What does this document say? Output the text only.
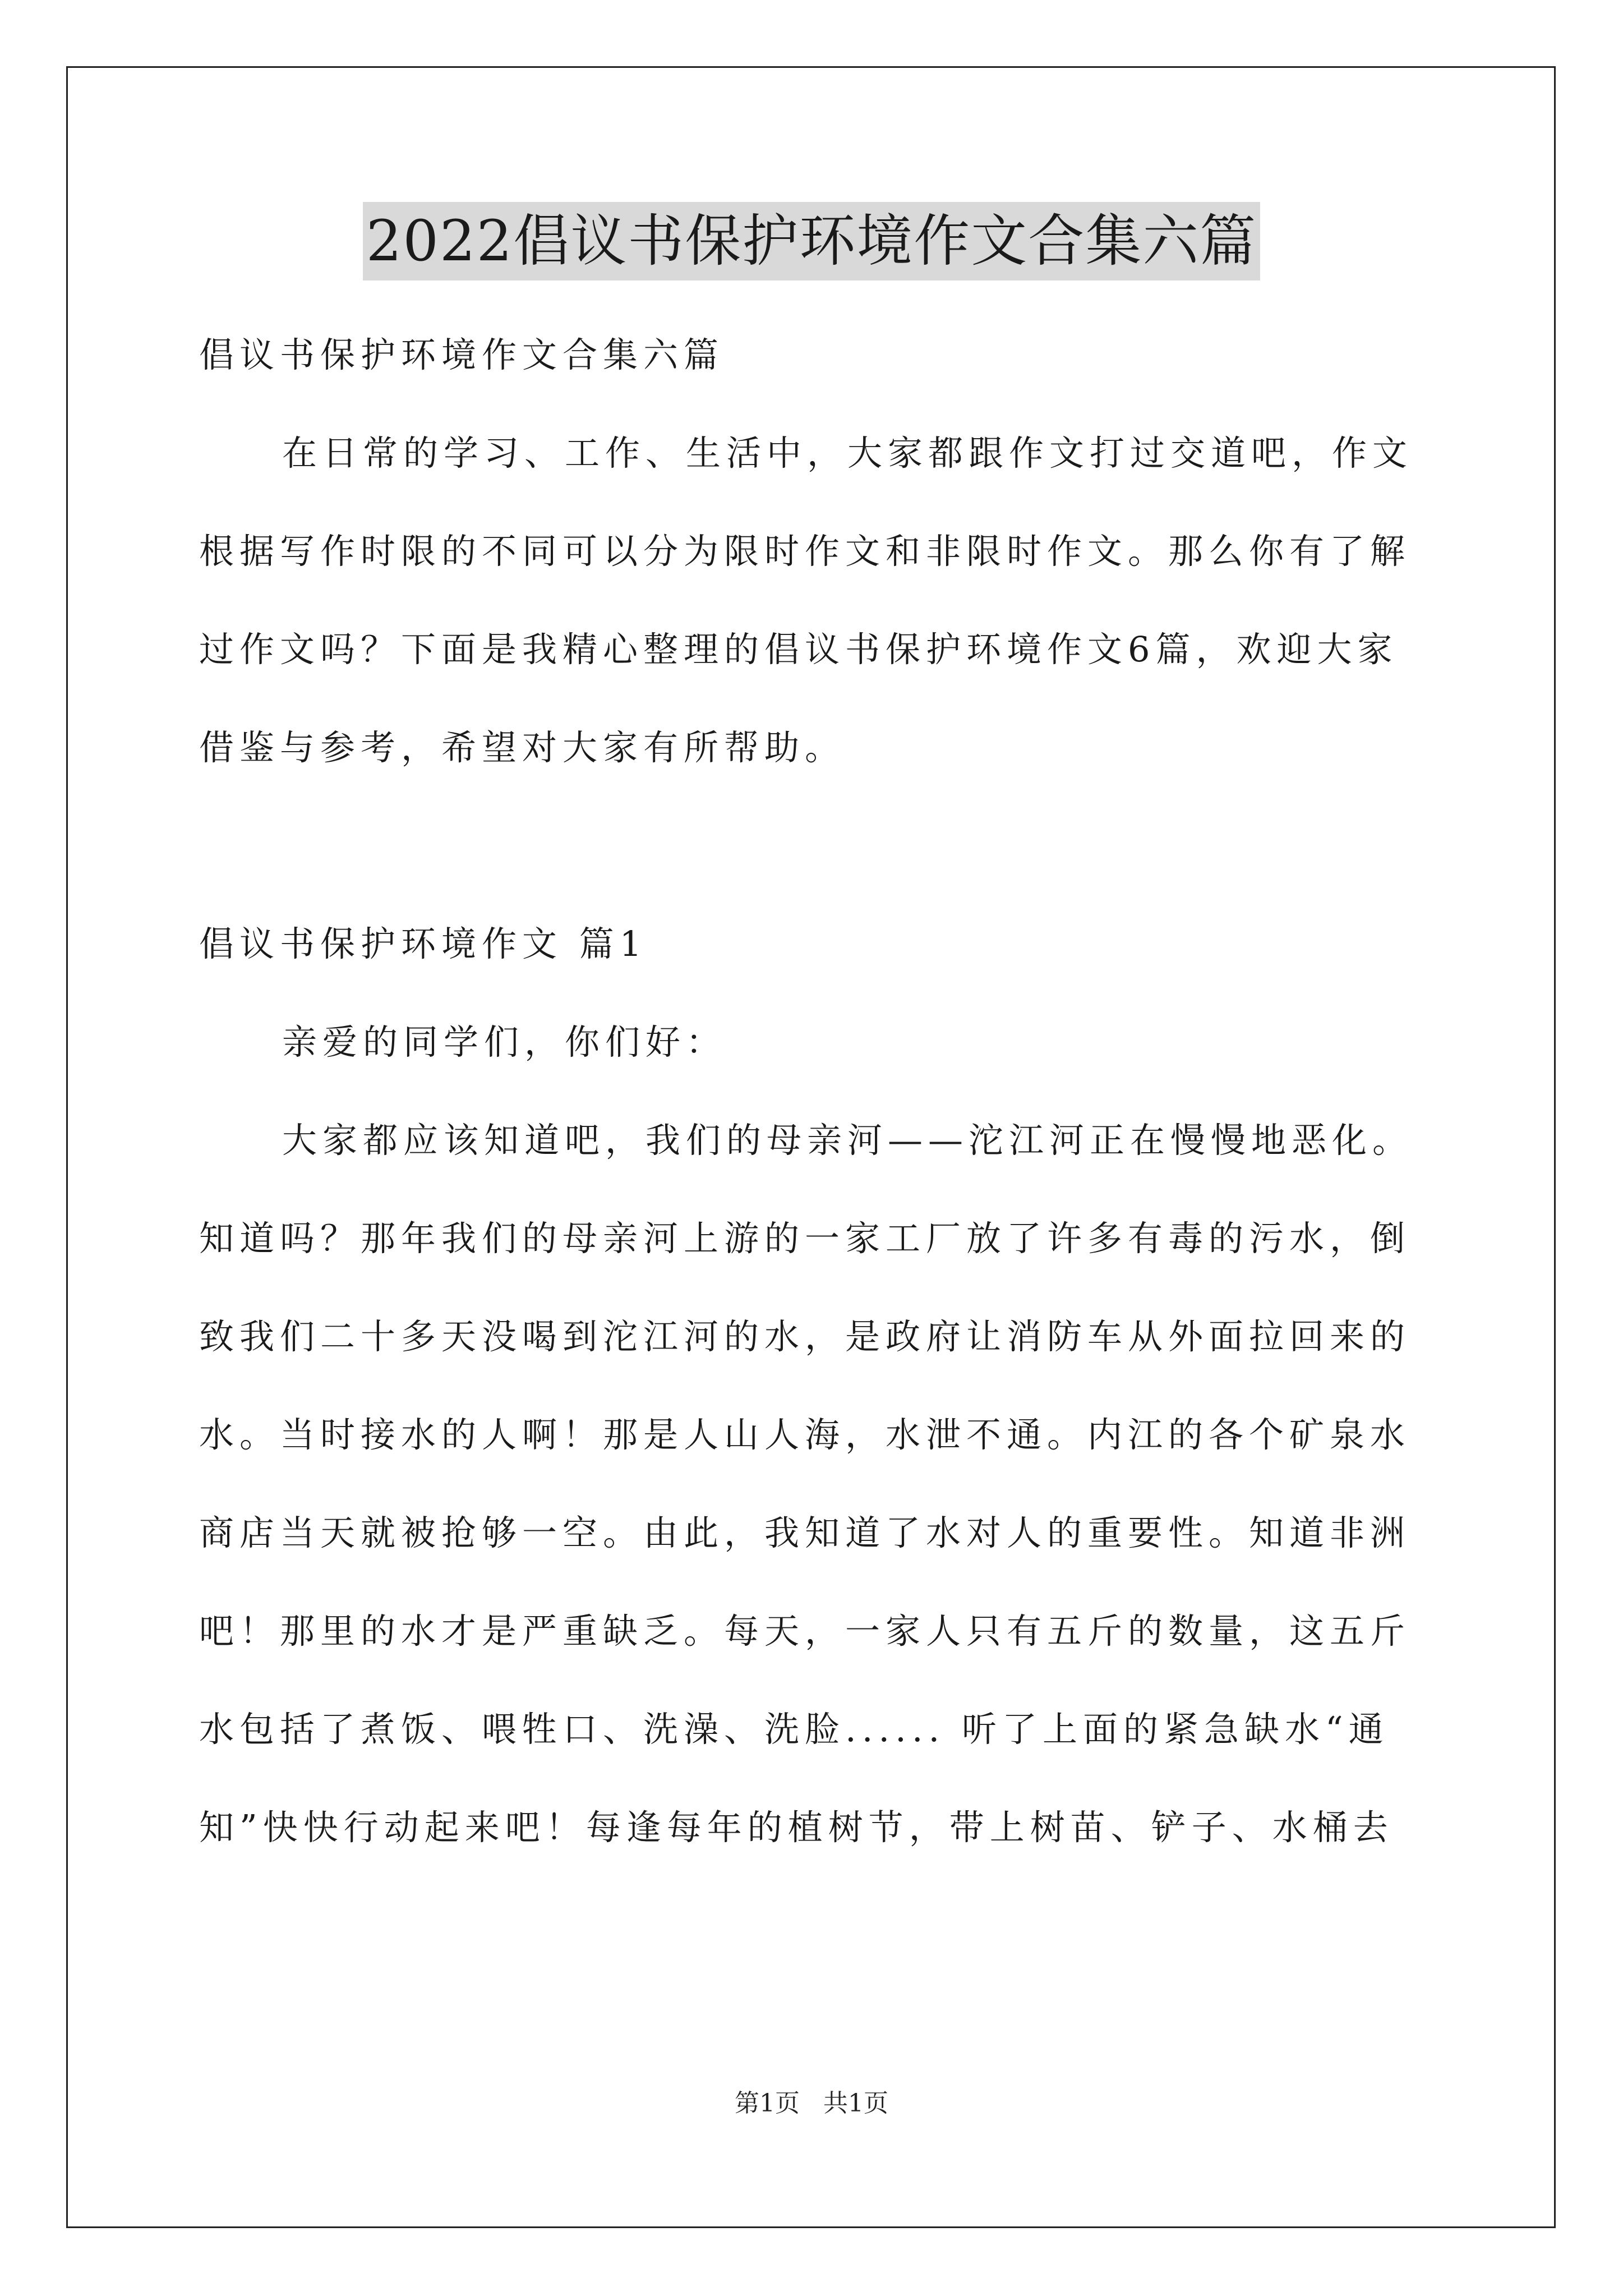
2022倡议书保护环境作文合集六篇

倡议书保护环境作文合集六篇

在日常的学习、工作、生活中，大家都跟作文打过交道吧，作文根据写作时限的不同可以分为限时作文和非限时作文。那么你有了解过作文吗？下面是我精心整理的倡议书保护环境作文6篇，欢迎大家借鉴与参考，希望对大家有所帮助。

倡议书保护环境作文 篇1

亲爱的同学们，你们好：

大家都应该知道吧，我们的母亲河——沱江河正在慢慢地恶化。知道吗？那年我们的母亲河上游的一家工厂放了许多有毒的污水，倒致我们二十多天没喝到沱江河的水，是政府让消防车从外面拉回来的水。当时接水的人啊！那是人山人海，水泄不通。内江的各个矿泉水商店当天就被抢够一空。由此，我知道了水对人的重要性。知道非洲吧！那里的水才是严重缺乏。每天，一家人只有五斤的数量，这五斤水包括了煮饭、喂牲口、洗澡、洗脸...... 听了上面的紧急缺水“通知”快快行动起来吧！每逢每年的植树节，带上树苗、铲子、水桶去

第1页   共1页
